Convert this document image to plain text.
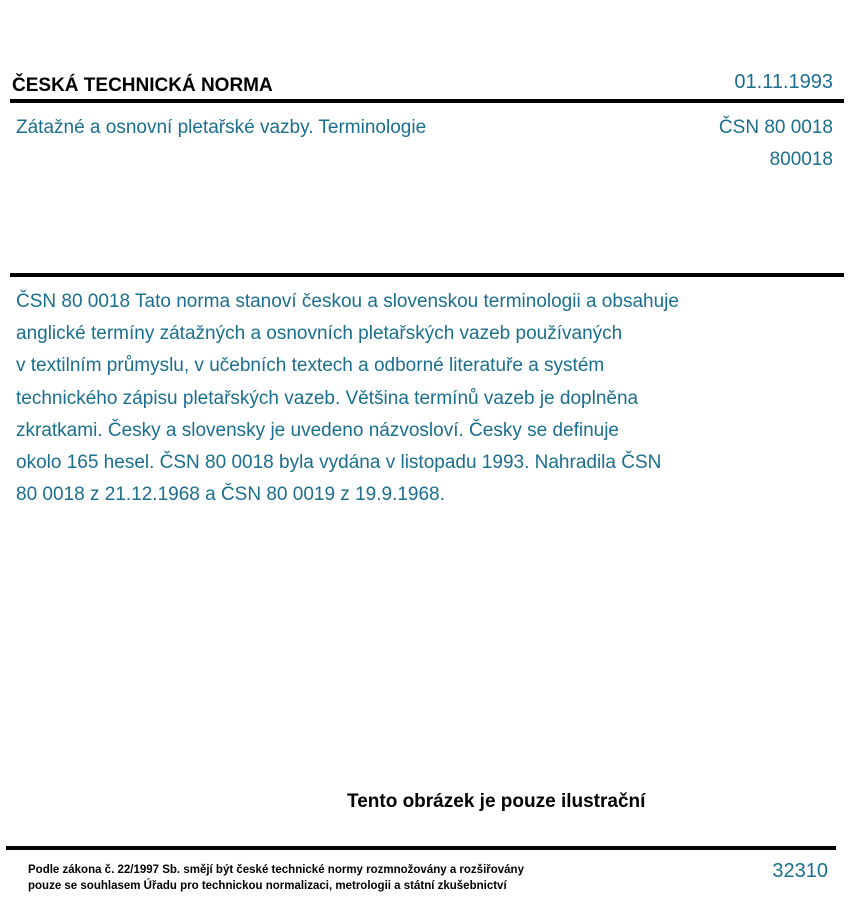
ČESKÁ TECHNICKÁ NORMA	01.11.1993
Zátažné a osnovní pletařské vazby. Terminologie	ČSN 80 0018
800018
ČSN 80 0018 Tato norma stanoví českou a slovenskou terminologii a obsahuje
anglické termíny zátažných a osnovních pletařských vazeb používaných
v textilním průmyslu, v učebních textech a odborné literatuře a systém
technického zápisu pletařských vazeb. Většina termínů vazeb je doplněna
zkratkami. Česky a slovensky je uvedeno názvosloví. Česky se definuje
okolo 165 hesel. ČSN 80 0018 byla vydána v listopadu 1993. Nahradila ČSN
80 0018 z 21.12.1968 a ČSN 80 0019 z 19.9.1968.
Tento obrázek je pouze ilustrační
Podle zákona č. 22/1997 Sb. smějí být české technické normy rozmnožovány a rozšiřovány
pouze se souhlasem Úřadu pro technickou normalizaci, metrologii a státní zkušebnictví
32310
